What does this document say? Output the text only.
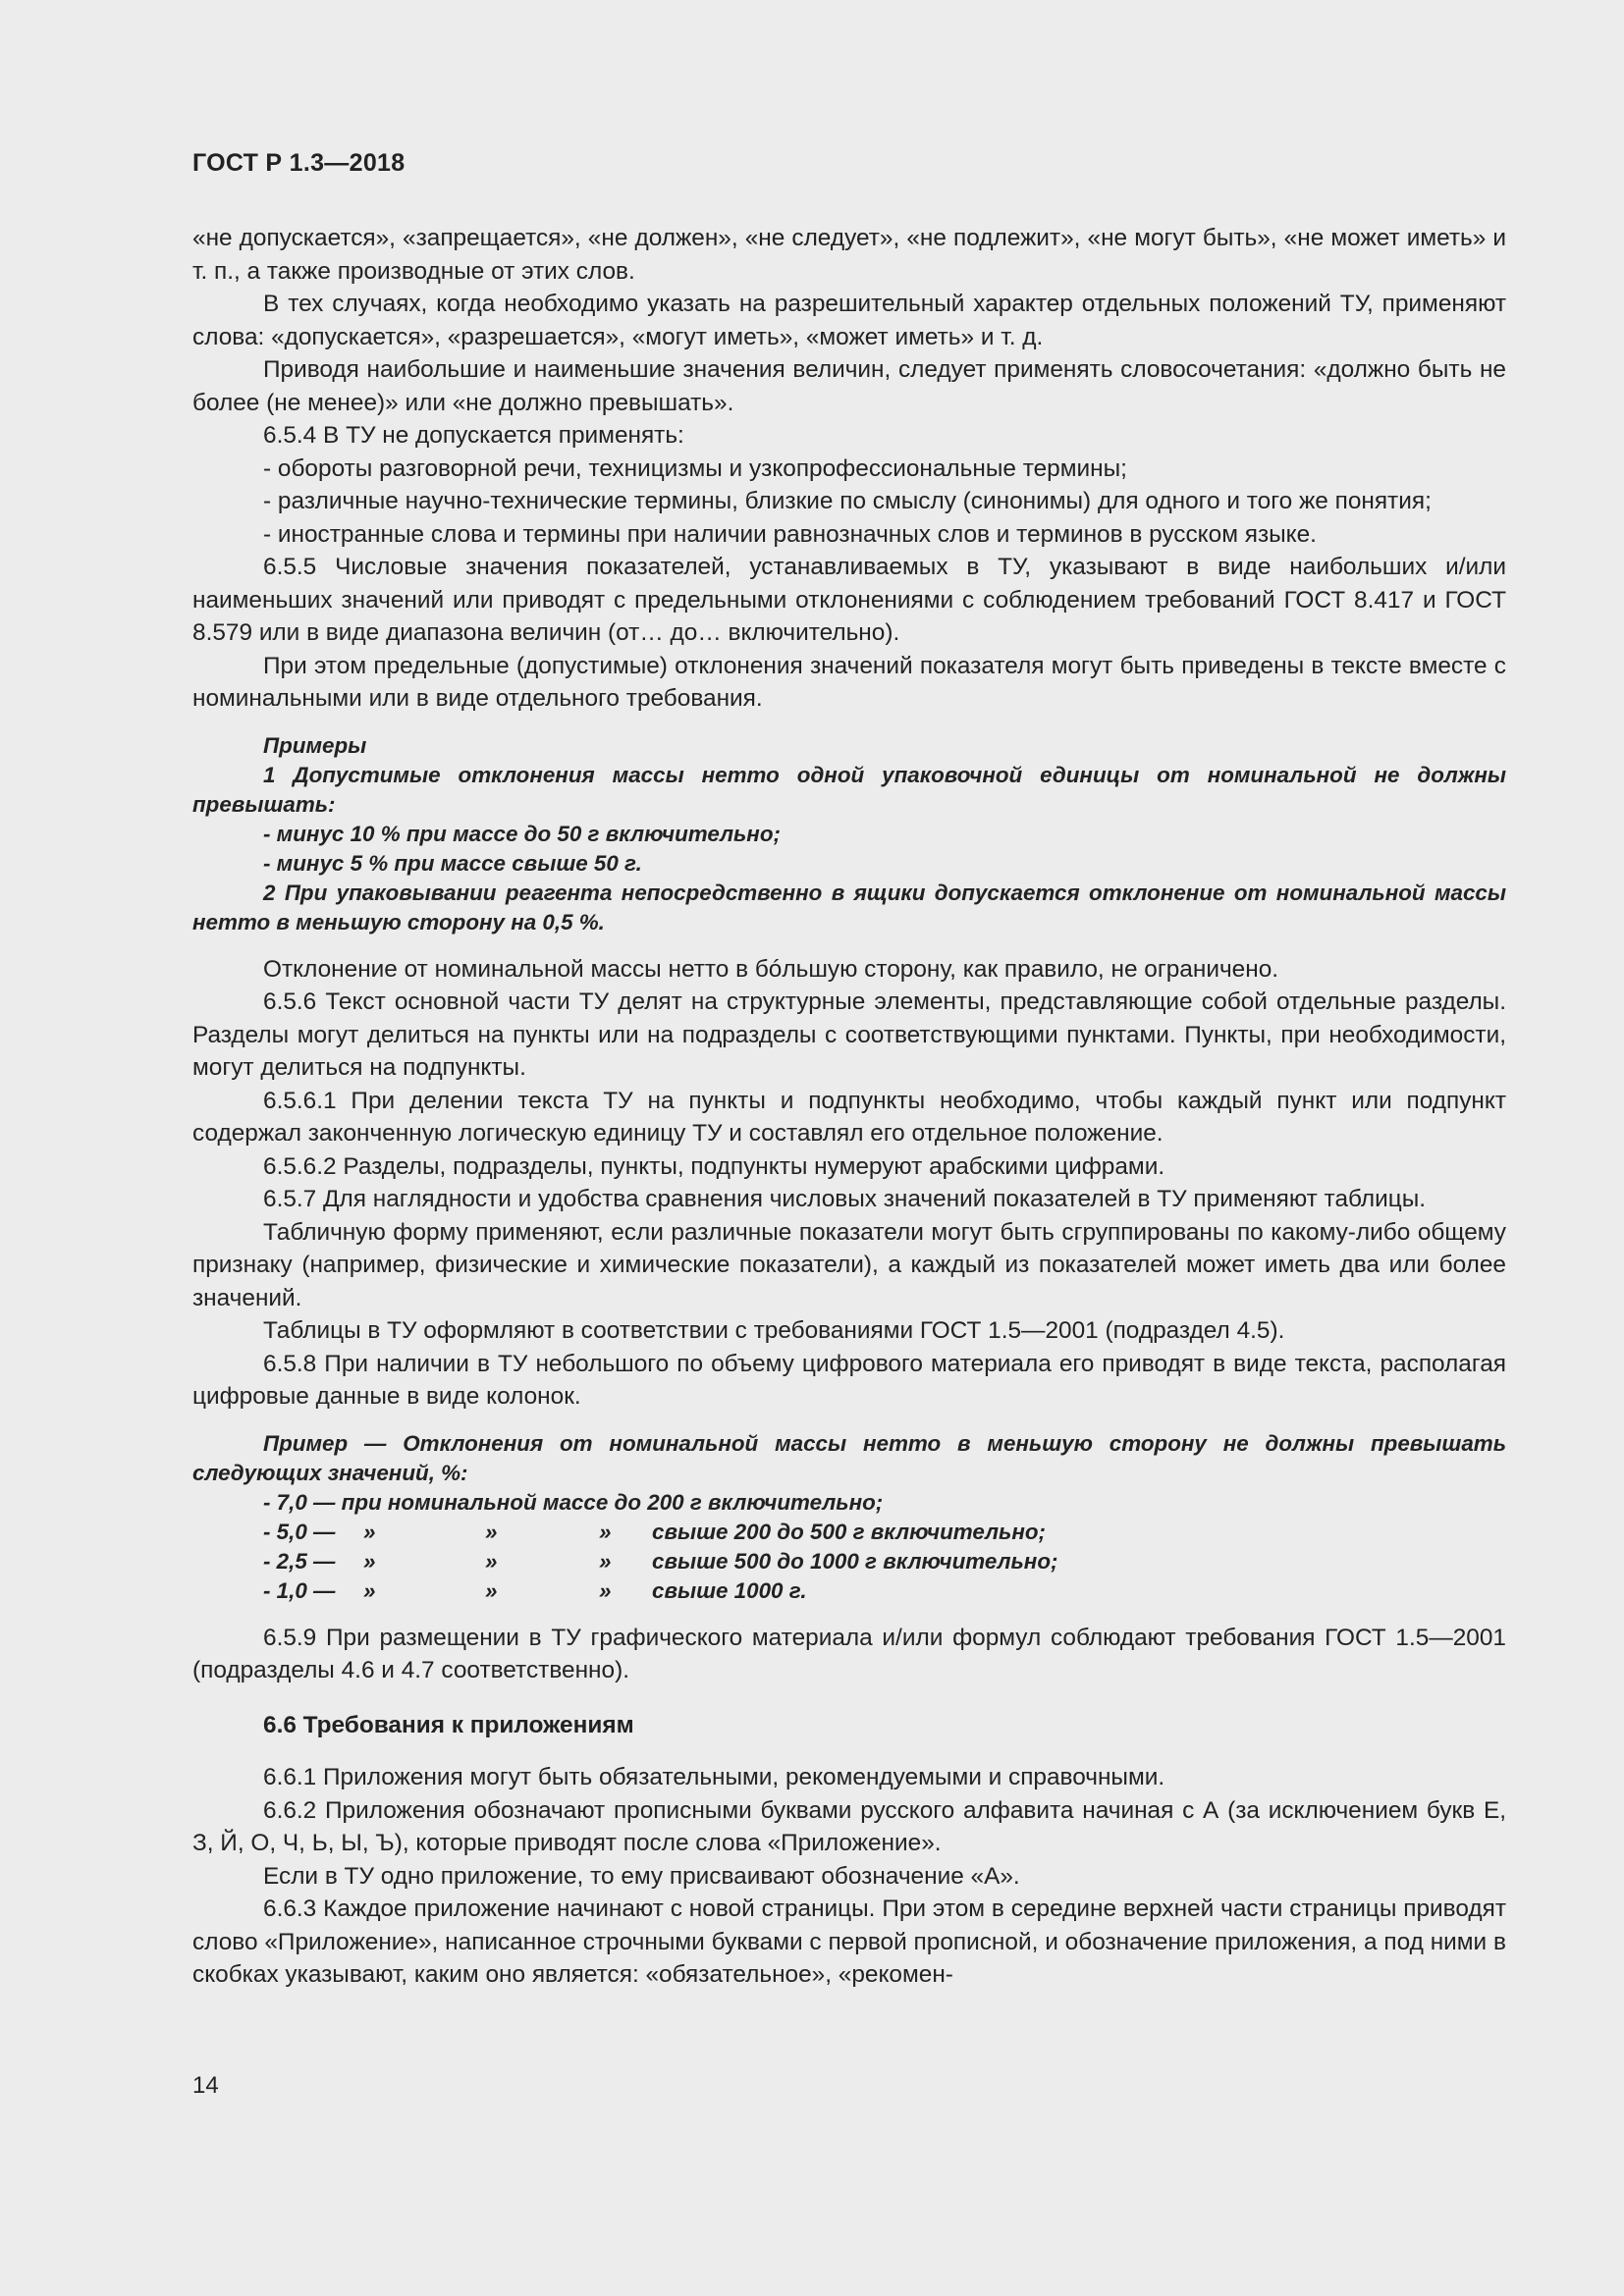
ГОСТ Р 1.3—2018

«не допускается», «запрещается», «не должен», «не следует», «не подлежит», «не могут быть», «не может иметь» и т. п., а также производные от этих слов.

В тех случаях, когда необходимо указать на разрешительный характер отдельных положений ТУ, применяют слова: «допускается», «разрешается», «могут иметь», «может иметь» и т. д.

Приводя наибольшие и наименьшие значения величин, следует применять словосочетания: «должно быть не более (не менее)» или «не должно превышать».

6.5.4 В ТУ не допускается применять:

- обороты разговорной речи, техницизмы и узкопрофессиональные термины;

- различные научно-технические термины, близкие по смыслу (синонимы) для одного и того же понятия;

- иностранные слова и термины при наличии равнозначных слов и терминов в русском языке.

6.5.5 Числовые значения показателей, устанавливаемых в ТУ, указывают в виде наибольших и/или наименьших значений или приводят с предельными отклонениями с соблюдением требований ГОСТ 8.417 и ГОСТ 8.579 или в виде диапазона величин (от… до… включительно).

При этом предельные (допустимые) отклонения значений показателя могут быть приведены в тексте вместе с номинальными или в виде отдельного требования.

Примеры

1 Допустимые отклонения массы нетто одной упаковочной единицы от номинальной не должны превышать:

- минус 10 % при массе до 50 г включительно;

- минус 5 % при массе свыше 50 г.

2 При упаковывании реагента непосредственно в ящики допускается отклонение от номинальной массы нетто в меньшую сторону на 0,5 %.

Отклонение от номинальной массы нетто в бóльшую сторону, как правило, не ограничено.

6.5.6 Текст основной части ТУ делят на структурные элементы, представляющие собой отдельные разделы. Разделы могут делиться на пункты или на подразделы с соответствующими пунктами. Пункты, при необходимости, могут делиться на подпункты.

6.5.6.1 При делении текста ТУ на пункты и подпункты необходимо, чтобы каждый пункт или подпункт содержал законченную логическую единицу ТУ и составлял его отдельное положение.

6.5.6.2 Разделы, подразделы, пункты, подпункты нумеруют арабскими цифрами.

6.5.7 Для наглядности и удобства сравнения числовых значений показателей в ТУ применяют таблицы.

Табличную форму применяют, если различные показатели могут быть сгруппированы по какому-либо общему признаку (например, физические и химические показатели), а каждый из показателей может иметь два или более значений.

Таблицы в ТУ оформляют в соответствии с требованиями ГОСТ 1.5—2001 (подраздел 4.5).

6.5.8 При наличии в ТУ небольшого по объему цифрового материала его приводят в виде текста, располагая цифровые данные в виде колонок.

Пример — Отклонения от номинальной массы нетто в меньшую сторону не должны превышать следующих значений, %:

- 7,0 — при номинальной массе до 200 г включительно;

- 5,0 —	»	»	»	свыше 200 до 500 г включительно;
- 2,5 —	»	»	»	свыше 500 до 1000 г включительно;
- 1,0 —	»	»	»	свыше 1000 г.

6.5.9 При размещении в ТУ графического материала и/или формул соблюдают требования ГОСТ 1.5—2001 (подразделы 4.6 и 4.7 соответственно).

6.6 Требования к приложениям

6.6.1 Приложения могут быть обязательными, рекомендуемыми и справочными.

6.6.2 Приложения обозначают прописными буквами русского алфавита начиная с А (за исключением букв Е, З, Й, О, Ч, Ь, Ы, Ъ), которые приводят после слова «Приложение».

Если в ТУ одно приложение, то ему присваивают обозначение «А».

6.6.3 Каждое приложение начинают с новой страницы. При этом в середине верхней части страницы приводят слово «Приложение», написанное строчными буквами с первой прописной, и обозначение приложения, а под ними в скобках указывают, каким оно является: «обязательное», «рекомен-

14
